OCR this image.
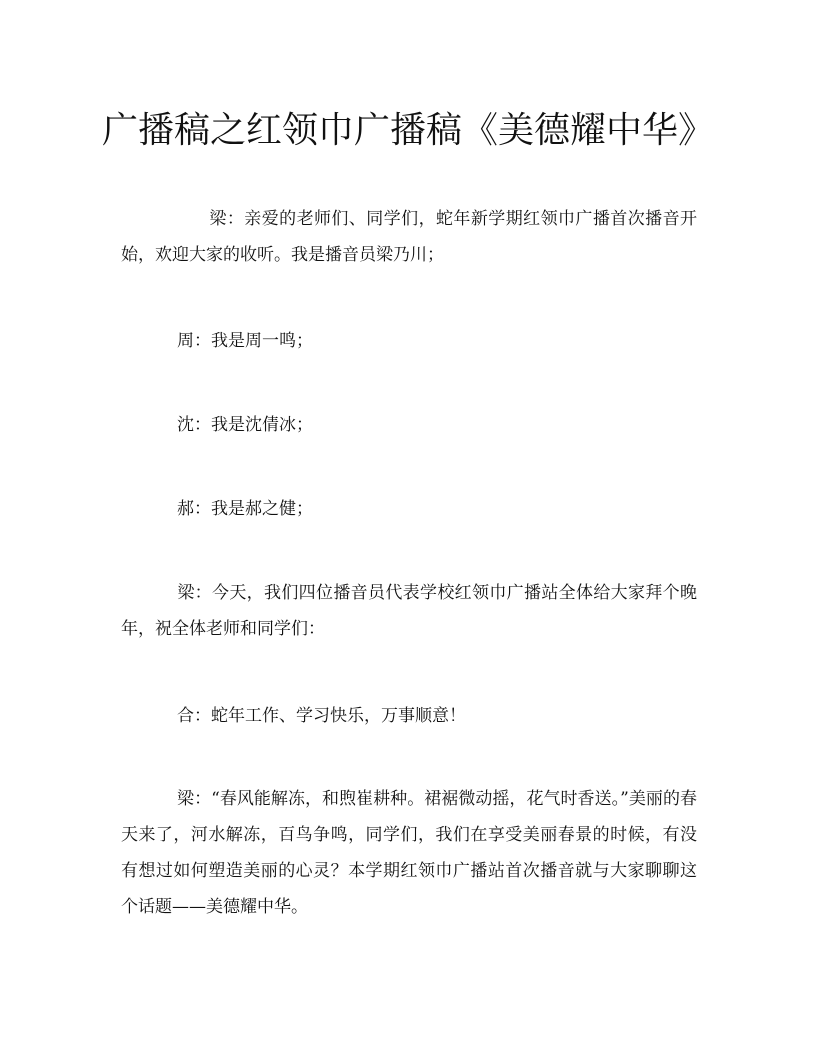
广播稿之红领巾广播稿《美德耀中华》

梁：亲爱的老师们、同学们，蛇年新学期红领巾广播首次播音开始，欢迎大家的收听。我是播音员梁乃川；

周：我是周一鸣；

沈：我是沈倩冰；

郝：我是郝之健；

梁：今天，我们四位播音员代表学校红领巾广播站全体给大家拜个晚年，祝全体老师和同学们：

合：蛇年工作、学习快乐，万事顺意！

梁：“春风能解冻，和煦崔耕种。裙裾微动摇，花气时香送。”美丽的春天来了，河水解冻，百鸟争鸣，同学们，我们在享受美丽春景的时候，有没有想过如何塑造美丽的心灵？本学期红领巾广播站首次播音就与大家聊聊这个话题——美德耀中华。
